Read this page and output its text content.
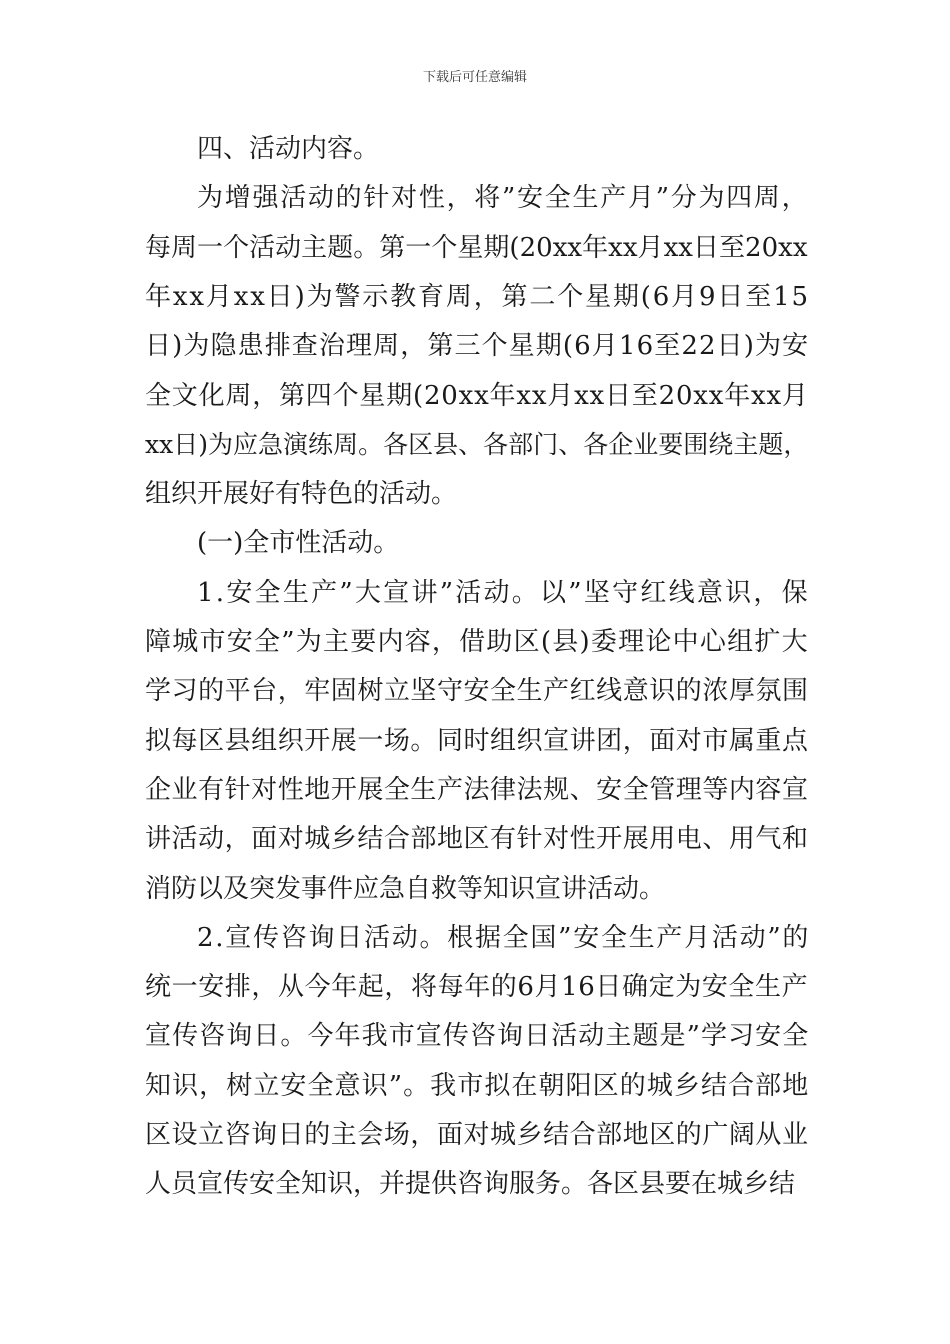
下载后可任意编辑
四、活动内容。
为增强活动的针对性，将”安全生产月”分为四周，
每周一个活动主题。第一个星期(20xx年xx月xx日至20xx
年xx月xx日)为警示教育周，第二个星期(6月9日至15
日)为隐患排查治理周，第三个星期(6月16至22日)为安
全文化周，第四个星期(20xx年xx月xx日至20xx年xx月
xx日)为应急演练周。各区县、各部门、各企业要围绕主题，
组织开展好有特色的活动。
(一)全市性活动。
1.安全生产”大宣讲”活动。以”坚守红线意识，保
障城市安全”为主要内容，借助区(县)委理论中心组扩大
学习的平台，牢固树立坚守安全生产红线意识的浓厚氛围
拟每区县组织开展一场。同时组织宣讲团，面对市属重点
企业有针对性地开展全生产法律法规、安全管理等内容宣
讲活动，面对城乡结合部地区有针对性开展用电、用气和
消防以及突发事件应急自救等知识宣讲活动。
2.宣传咨询日活动。根据全国”安全生产月活动”的
统一安排，从今年起，将每年的6月16日确定为安全生产
宣传咨询日。今年我市宣传咨询日活动主题是”学习安全
知识，树立安全意识”。我市拟在朝阳区的城乡结合部地
区设立咨询日的主会场，面对城乡结合部地区的广阔从业
人员宣传安全知识，并提供咨询服务。各区县要在城乡结
